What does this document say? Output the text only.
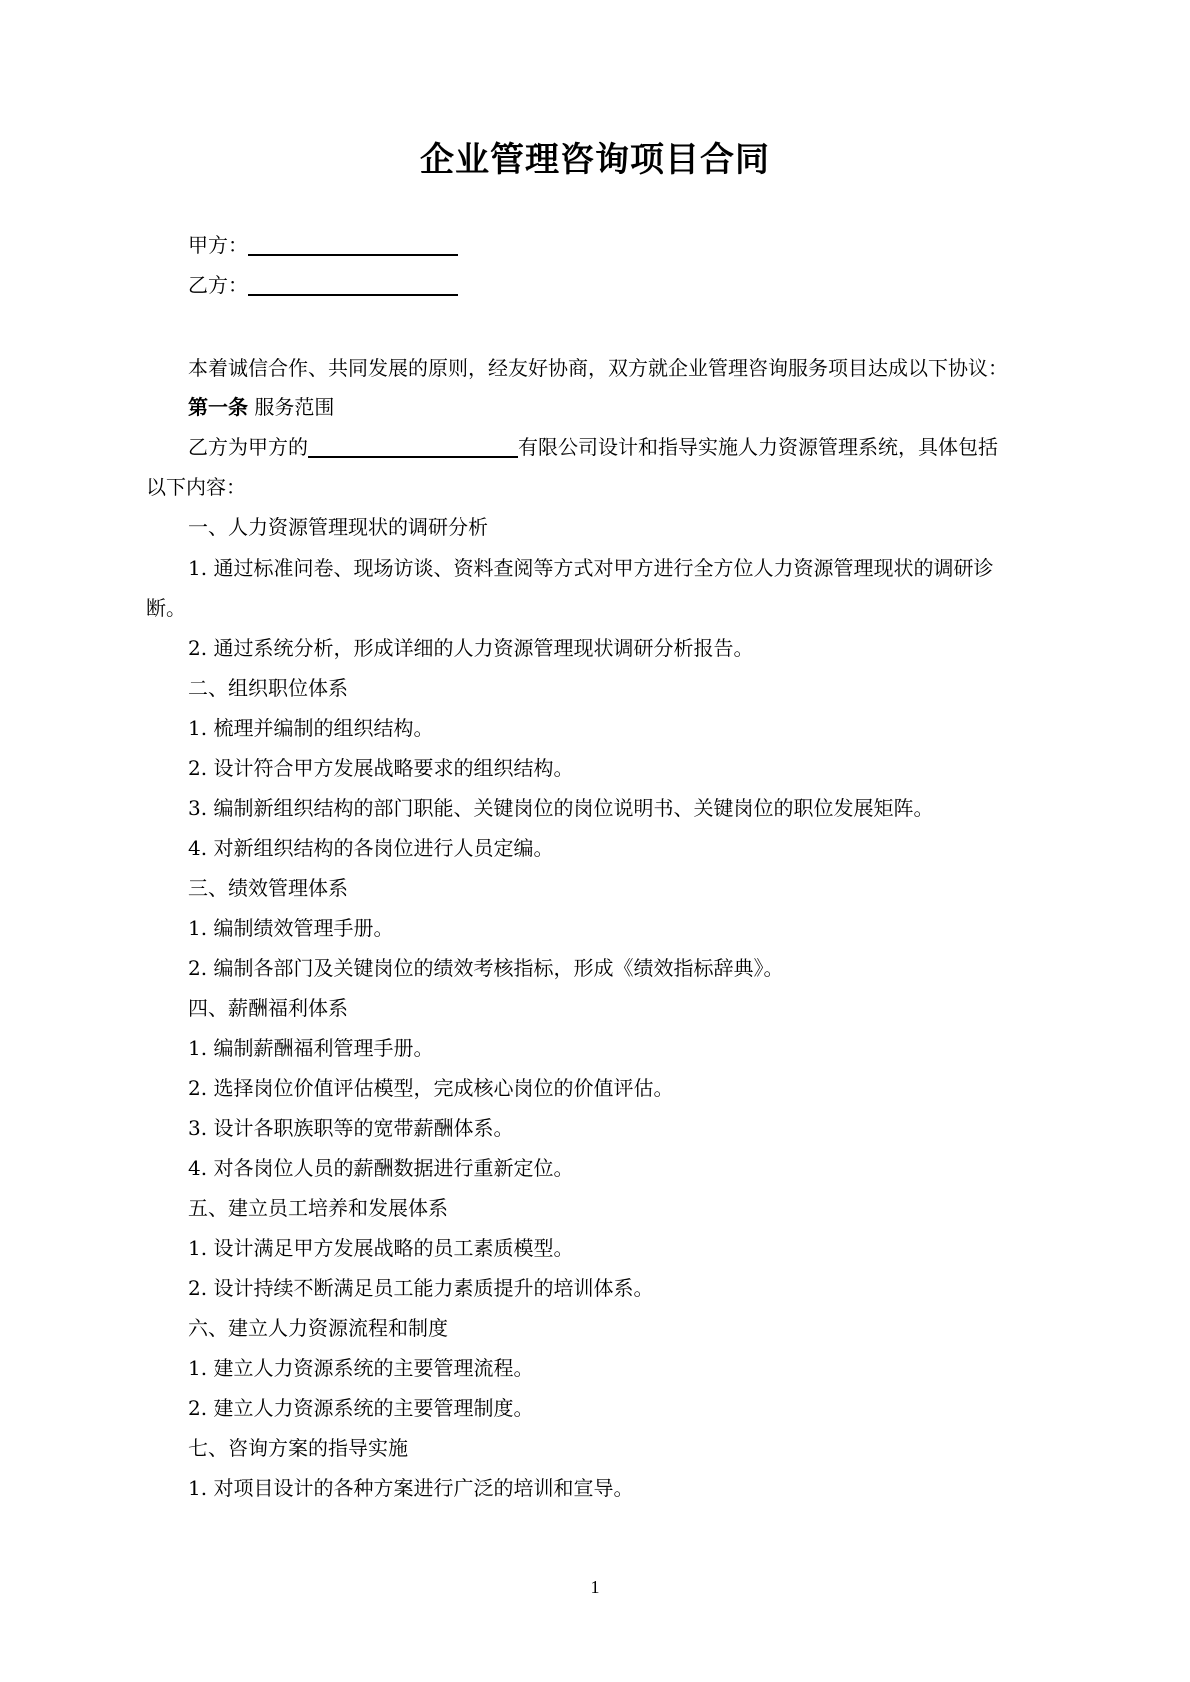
企业管理咨询项目合同
甲方：
乙方：
本着诚信合作、共同发展的原则，经友好协商，双方就企业管理咨询服务项目达成以下协议：
第一条 服务范围
乙方为甲方的	有限公司设计和指导实施人力资源管理系统，具体包括
以下内容：
一、人力资源管理现状的调研分析
1. 通过标准问卷、现场访谈、资料查阅等方式对甲方进行全方位人力资源管理现状的调研诊
断。
2. 通过系统分析，形成详细的人力资源管理现状调研分析报告。
二、组织职位体系
1. 梳理并编制的组织结构。
2. 设计符合甲方发展战略要求的组织结构。
3. 编制新组织结构的部门职能、关键岗位的岗位说明书、关键岗位的职位发展矩阵。
4. 对新组织结构的各岗位进行人员定编。
三、绩效管理体系
1. 编制绩效管理手册。
2. 编制各部门及关键岗位的绩效考核指标，形成《绩效指标辞典》。
四、薪酬福利体系
1. 编制薪酬福利管理手册。
2. 选择岗位价值评估模型，完成核心岗位的价值评估。
3. 设计各职族职等的宽带薪酬体系。
4. 对各岗位人员的薪酬数据进行重新定位。
五、建立员工培养和发展体系
1. 设计满足甲方发展战略的员工素质模型。
2. 设计持续不断满足员工能力素质提升的培训体系。
六、建立人力资源流程和制度
1. 建立人力资源系统的主要管理流程。
2. 建立人力资源系统的主要管理制度。
七、咨询方案的指导实施
1. 对项目设计的各种方案进行广泛的培训和宣导。
1
